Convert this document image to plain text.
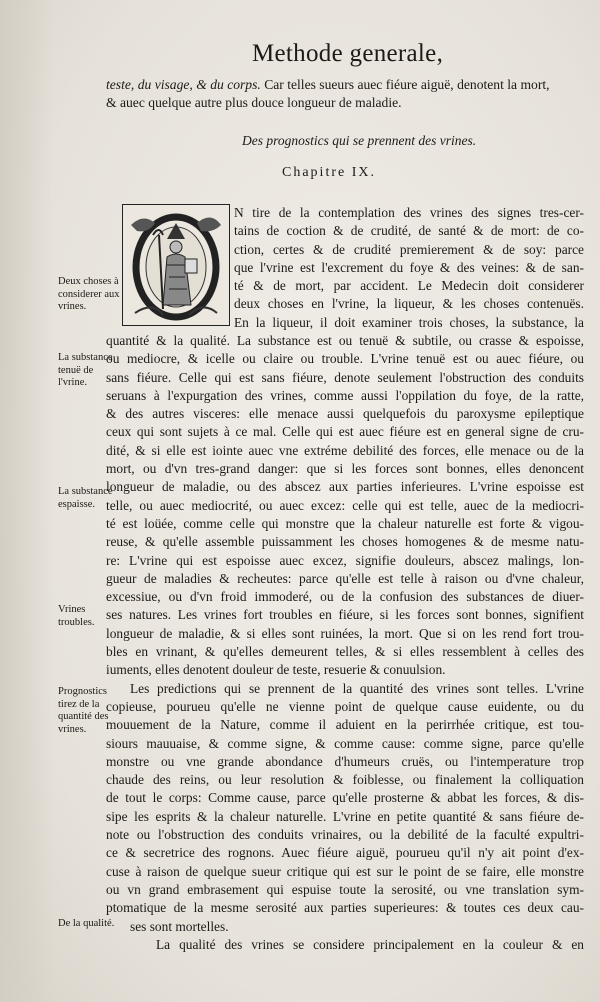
Methode generale,
teste, du visage, & du corps. Car telles sueurs auec fiéure aiguë, denotent la mort,
& auec quelque autre plus douce longueur de maladie.
Des prognostics qui se prennent des vrines.
Chapitre IX.
N tire de la contemplation des vrines des signes tres-cer-
tains de coction & de crudité, de santé & de mort: de co-
ction, certes & de crudité premierement & de soy: parce
que l'vrine est l'excrement du foye & des veines: & de san-
té & de mort, par accident. Le Medecin doit considerer
deux choses en l'vrine, la liqueur, & les choses contenuës.
En la liqueur, il doit examiner trois choses, la substance, la
quantité & la qualité. La substance est ou tenuë & subtile, ou crasse & espoisse,
ou mediocre, & icelle ou claire ou trouble. L'vrine tenuë est ou auec fiéure, ou
sans fiéure. Celle qui est sans fiéure, denote seulement l'obstruction des conduits
seruans à l'expurgation des vrines, comme aussi l'oppilation du foye, de la ratte,
& des autres visceres: elle menace aussi quelquefois du paroxysme epileptique
ceux qui sont sujets à ce mal. Celle qui est auec fiéure est en general signe de cru-
dité, & si elle est iointe auec vne extréme debilité des forces, elle menace ou de la
mort, ou d'vn tres-grand danger: que si les forces sont bonnes, elles denoncent
longueur de maladie, ou des abscez aux parties inferieures. L'vrine espoisse est
telle, ou auec mediocrité, ou auec excez: celle qui est telle, auec de la mediocri-
té est loüée, comme celle qui monstre que la chaleur naturelle est forte & vigou-
reuse, & qu'elle assemble puissamment les choses homogenes & de mesme natu-
re: L'vrine qui est espoisse auec excez, signifie douleurs, abscez malings, lon-
gueur de maladies & recheutes: parce qu'elle est telle à raison ou d'vne chaleur,
excessiue, ou d'vn froid immoderé, ou de la confusion des substances de diuer-
ses natures. Les vrines fort troubles en fiéure, si les forces sont bonnes, signifient
longueur de maladie, & si elles sont ruinées, la mort. Que si on les rend fort trou-
bles en vrinant, & qu'elles demeurent telles, & si elles ressemblent à celles des
iuments, elles denotent douleur de teste, resuerie & conuulsion.
Les predictions qui se prennent de la quantité des vrines sont telles. L'vrine
copieuse, pourueu qu'elle ne vienne point de quelque cause euidente, ou du
mouuement de la Nature, comme il aduient en la perirrhée critique, est tou-
siours mauuaise, & comme signe, & comme cause: comme signe, parce qu'elle
monstre ou vne grande abondance d'humeurs cruës, ou l'intemperature trop
chaude des reins, ou leur resolution & foiblesse, ou finalement la colliquation
de tout le corps: Comme cause, parce qu'elle prosterne & abbat les forces, & dis-
sipe les esprits & la chaleur naturelle. L'vrine en petite quantité & sans fiéure de-
note ou l'obstruction des conduits vrinaires, ou la debilité de la faculté expultri-
ce & secretrice des rognons. Auec fiéure aiguë, pourueu qu'il n'y ait point d'ex-
cuse à raison de quelque sueur critique qui est sur le point de se faire, elle monstre
ou vn grand embrasement qui espuise toute la serosité, ou vne translation sym-
ptomatique de la mesme serosité aux parties superieures: & toutes ces deux cau-
ses sont mortelles.
La qualité des vrines se considere principalement en la couleur & en
Deux choses à considerer aux vrines.
La substance tenuë de l'vrine.
La substance espaisse.
Vrines troubles.
Prognostics tirez de la quantité des vrines.
De la qualité.
